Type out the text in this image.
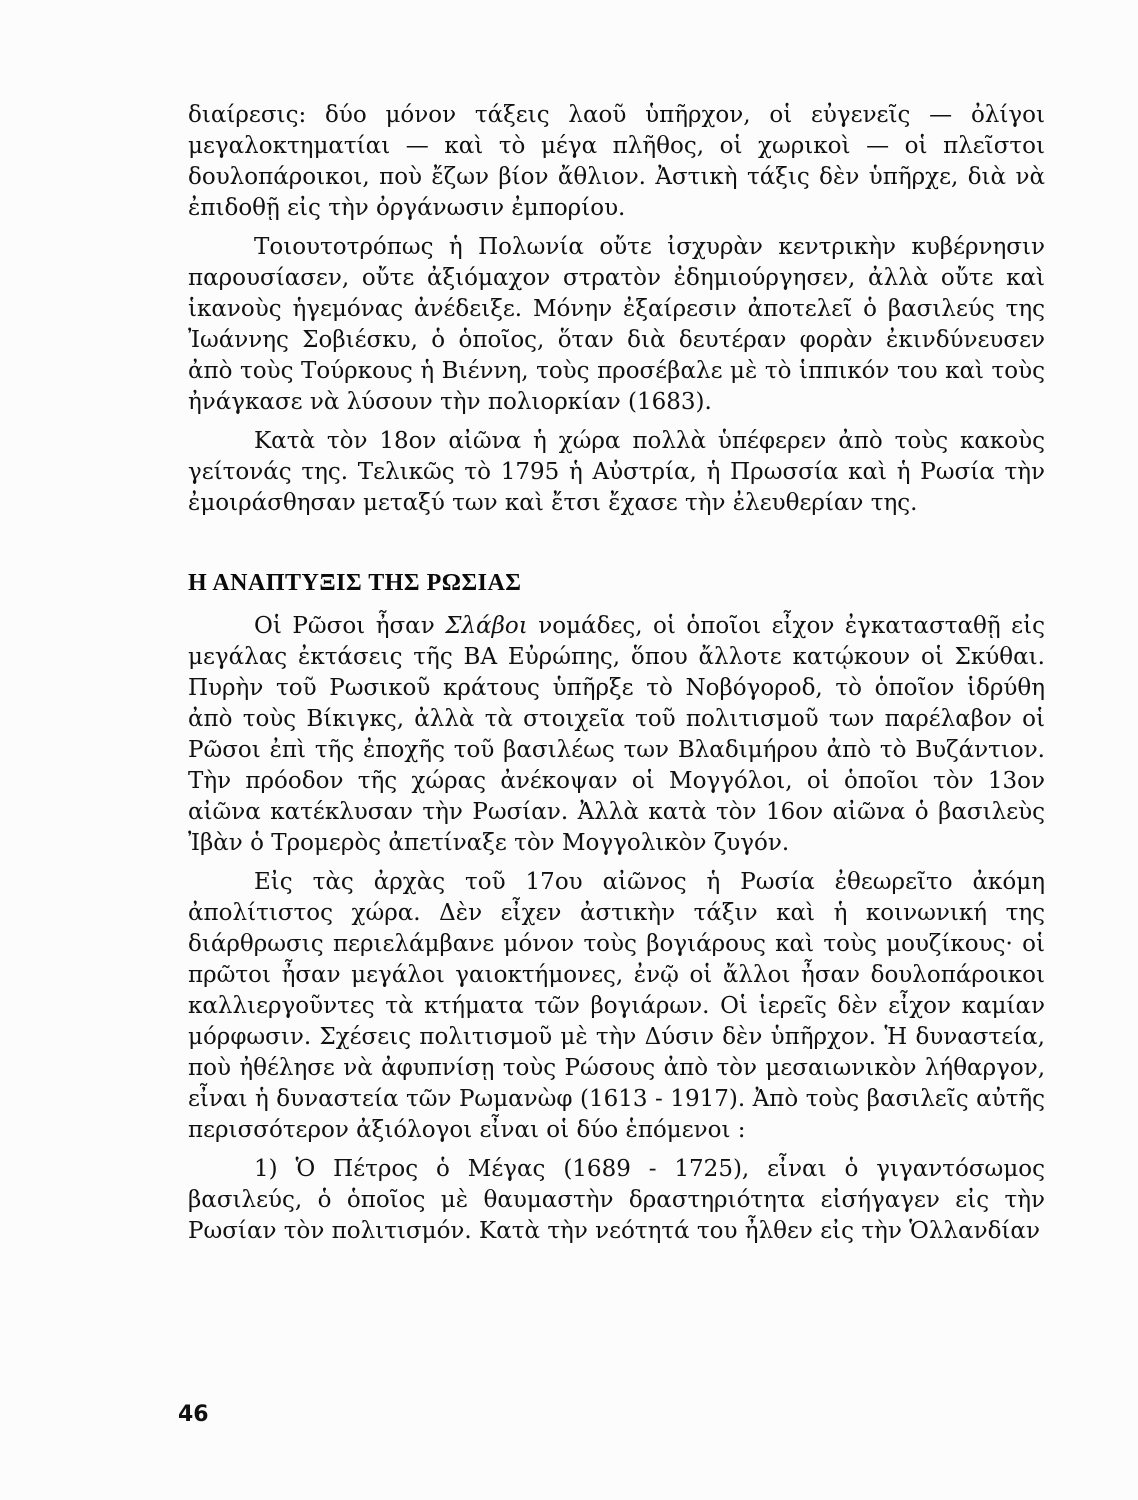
διαίρεσις: δύο μόνον τάξεις λαοῦ ὑπῆρχον, οἱ εὐγενεῖς — ὀλίγοι μεγαλοκτηματίαι — καὶ τὸ μέγα πλῆθος, οἱ χωρικοὶ — οἱ πλεῖστοι δουλοπάροικοι, ποὺ ἔζων βίον ἄθλιον. Ἀστικὴ τάξις δὲν ὑπῆρχε, διὰ νὰ ἐπιδοθῇ εἰς τὴν ὀργάνωσιν ἐμπορίου.

Τοιουτοτρόπως ἡ Πολωνία οὔτε ἰσχυρὰν κεντρικὴν κυβέρνησιν παρουσίασεν, οὔτε ἀξιόμαχον στρατὸν ἐδημιούργησεν, ἀλλὰ οὔτε καὶ ἱκανοὺς ἡγεμόνας ἀνέδειξε. Μόνην ἐξαίρεσιν ἀποτελεῖ ὁ βασιλεύς της Ἰωάννης Σοβιέσκυ, ὁ ὁποῖος, ὅταν διὰ δευτέραν φορὰν ἐκινδύνευσεν ἀπὸ τοὺς Τούρκους ἡ Βιέννη, τοὺς προσέβαλε μὲ τὸ ἱππικόν του καὶ τοὺς ἠνάγκασε νὰ λύσουν τὴν πολιορκίαν (1683).

Κατὰ τὸν 18ον αἰῶνα ἡ χώρα πολλὰ ὑπέφερεν ἀπὸ τοὺς κακοὺς γείτονάς της. Τελικῶς τὸ 1795 ἡ Αὐστρία, ἡ Πρωσσία καὶ ἡ Ρωσία τὴν ἐμοιράσθησαν μεταξύ των καὶ ἔτσι ἔχασε τὴν ἐλευθερίαν της.

Η ΑΝΑΠΤΥΞΙΣ ΤΗΣ ΡΩΣΙΑΣ

Οἱ Ρῶσοι ἦσαν Σλάβοι νομάδες, οἱ ὁποῖοι εἶχον ἐγκατασταθῇ εἰς μεγάλας ἐκτάσεις τῆς ΒΑ Εὐρώπης, ὅπου ἄλλοτε κατῴκουν οἱ Σκύθαι. Πυρὴν τοῦ Ρωσικοῦ κράτους ὑπῆρξε τὸ Νοβόγοροδ, τὸ ὁποῖον ἱδρύθη ἀπὸ τοὺς Βίκιγκς, ἀλλὰ τὰ στοιχεῖα τοῦ πολιτισμοῦ των παρέλαβον οἱ Ρῶσοι ἐπὶ τῆς ἐποχῆς τοῦ βασιλέως των Βλαδιμήρου ἀπὸ τὸ Βυζάντιον. Τὴν πρόοδον τῆς χώρας ἀνέκοψαν οἱ Μογγόλοι, οἱ ὁποῖοι τὸν 13ον αἰῶνα κατέκλυσαν τὴν Ρωσίαν. Ἀλλὰ κατὰ τὸν 16ον αἰῶνα ὁ βασιλεὺς Ἰβὰν ὁ Τρομερὸς ἀπετίναξε τὸν Μογγολικὸν ζυγόν.

Εἰς τὰς ἀρχὰς τοῦ 17ου αἰῶνος ἡ Ρωσία ἐθεωρεῖτο ἀκόμη ἀπολίτιστος χώρα. Δὲν εἶχεν ἀστικὴν τάξιν καὶ ἡ κοινωνική της διάρθρωσις περιελάμβανε μόνον τοὺς βογιάρους καὶ τοὺς μουζίκους· οἱ πρῶτοι ἦσαν μεγάλοι γαιοκτήμονες, ἐνῷ οἱ ἄλλοι ἦσαν δουλοπάροικοι καλλιεργοῦντες τὰ κτήματα τῶν βογιάρων. Οἱ ἱερεῖς δὲν εἶχον καμίαν μόρφωσιν. Σχέσεις πολιτισμοῦ μὲ τὴν Δύσιν δὲν ὑπῆρχον. Ἡ δυναστεία, ποὺ ἠθέλησε νὰ ἀφυπνίσῃ τοὺς Ρώσους ἀπὸ τὸν μεσαιωνικὸν λήθαργον, εἶναι ἡ δυναστεία τῶν Ρωμανὼφ (1613 - 1917). Ἀπὸ τοὺς βασιλεῖς αὐτῆς περισσότερον ἀξιόλογοι εἶναι οἱ δύο ἑπόμενοι :

1) Ὁ Πέτρος ὁ Μέγας (1689 - 1725), εἶναι ὁ γιγαντόσωμος βασιλεύς, ὁ ὁποῖος μὲ θαυμαστὴν δραστηριότητα εἰσήγαγεν εἰς τὴν Ρωσίαν τὸν πολιτισμόν. Κατὰ τὴν νεότητά του ἦλθεν εἰς τὴν Ὁλλανδίαν

46
